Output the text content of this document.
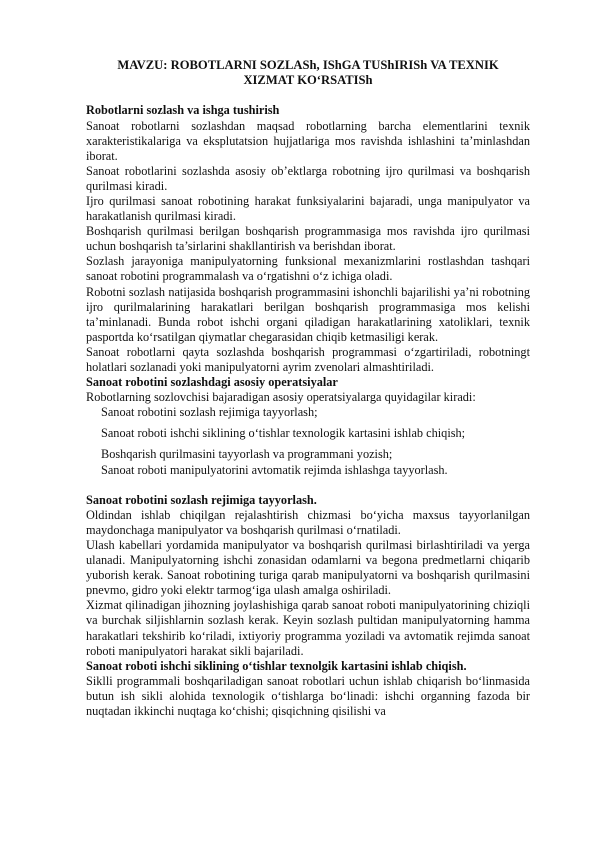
MAVZU: ROBOTLARNI SOZLASh, IShGA TUShIRISh VA TEXNIK
XIZMAT KO‘RSATISh
Robotlarni sozlash va ishga tushirish

Sanoat robotlarni sozlashdan maqsad robotlarning barcha elementlarini texnik xarakteristikalariga va eksplutatsion hujjatlariga mos ravishda ishlashini ta’minlashdan iborat.

Sanoat robotlarini sozlashda asosiy ob’ektlarga robotning ijro qurilmasi va boshqarish qurilmasi kiradi.

Ijro qurilmasi sanoat robotining harakat funksiyalarini bajaradi, unga manipulyator va harakatlanish qurilmasi kiradi.

Boshqarish qurilmasi berilgan boshqarish programmasiga mos ravishda ijro qurilmasi uchun boshqarish ta’sirlarini shakllantirish va berishdan iborat.

Sozlash jarayoniga manipulyatorning funksional mexanizmlarini rostlashdan tashqari sanoat robotini programmalash va o‘rgatishni o‘z ichiga oladi.

Robotni sozlash natijasida boshqarish programmasini ishonchli bajarilishi ya’ni robotning ijro qurilmalarining harakatlari berilgan boshqarish programmasiga mos kelishi ta’minlanadi. Bunda robot ishchi organi qiladigan harakatlarining xatoliklari, texnik pasportda ko‘rsatilgan qiymatlar chegarasidan chiqib ketmasiligi kerak.

Sanoat robotlarni qayta sozlashda boshqarish programmasi o‘zgartiriladi, robotningt holatlari sozlanadi yoki manipulyatorni ayrim zvenolari almashtiriladi.

Sanoat robotini sozlashdagi asosiy operatsiyalar

Robotlarning sozlovchisi bajaradigan asosiy operatsiyalarga quyidagilar kiradi:

Sanoat robotini sozlash rejimiga tayyorlash;
Sanoat roboti ishchi siklining o‘tishlar texnologik kartasini ishlab chiqish;
Boshqarish qurilmasini tayyorlash va programmani yozish;
Sanoat roboti manipulyatorini avtomatik rejimda ishlashga tayyorlash.
Sanoat robotini sozlash rejimiga tayyorlash.

Oldindan ishlab chiqilgan rejalashtirish chizmasi bo‘yicha maxsus tayyorlanilgan maydonchaga manipulyator va boshqarish qurilmasi o‘rnatiladi.

Ulash kabellari yordamida manipulyator va boshqarish qurilmasi birlashtiriladi va yerga ulanadi. Manipulyatorning ishchi zonasidan odamlarni va begona predmetlarni chiqarib yuborish kerak. Sanoat robotining turiga qarab manipulyatorni va boshqarish qurilmasini pnevmo, gidro yoki elektr tarmog‘iga ulash amalga oshiriladi.

Xizmat qilinadigan jihozning joylashishiga qarab sanoat roboti manipulyatorining chiziqli va burchak siljishlarnin sozlash kerak. Keyin sozlash pultidan manipulyatorning hamma harakatlari tekshirib ko‘riladi, ixtiyoriy programma yoziladi va avtomatik rejimda sanoat roboti manipulyatori harakat sikli bajariladi.

Sanoat roboti ishchi siklining o‘tishlar texnolgik kartasini ishlab chiqish.

Siklli programmali boshqariladigan sanoat robotlari uchun ishlab chiqarish bo‘linmasida butun ish sikli alohida texnologik o‘tishlarga bo‘linadi: ishchi organning fazoda bir nuqtadan ikkinchi nuqtaga ko‘chishi; qisqichning qisilishi va
